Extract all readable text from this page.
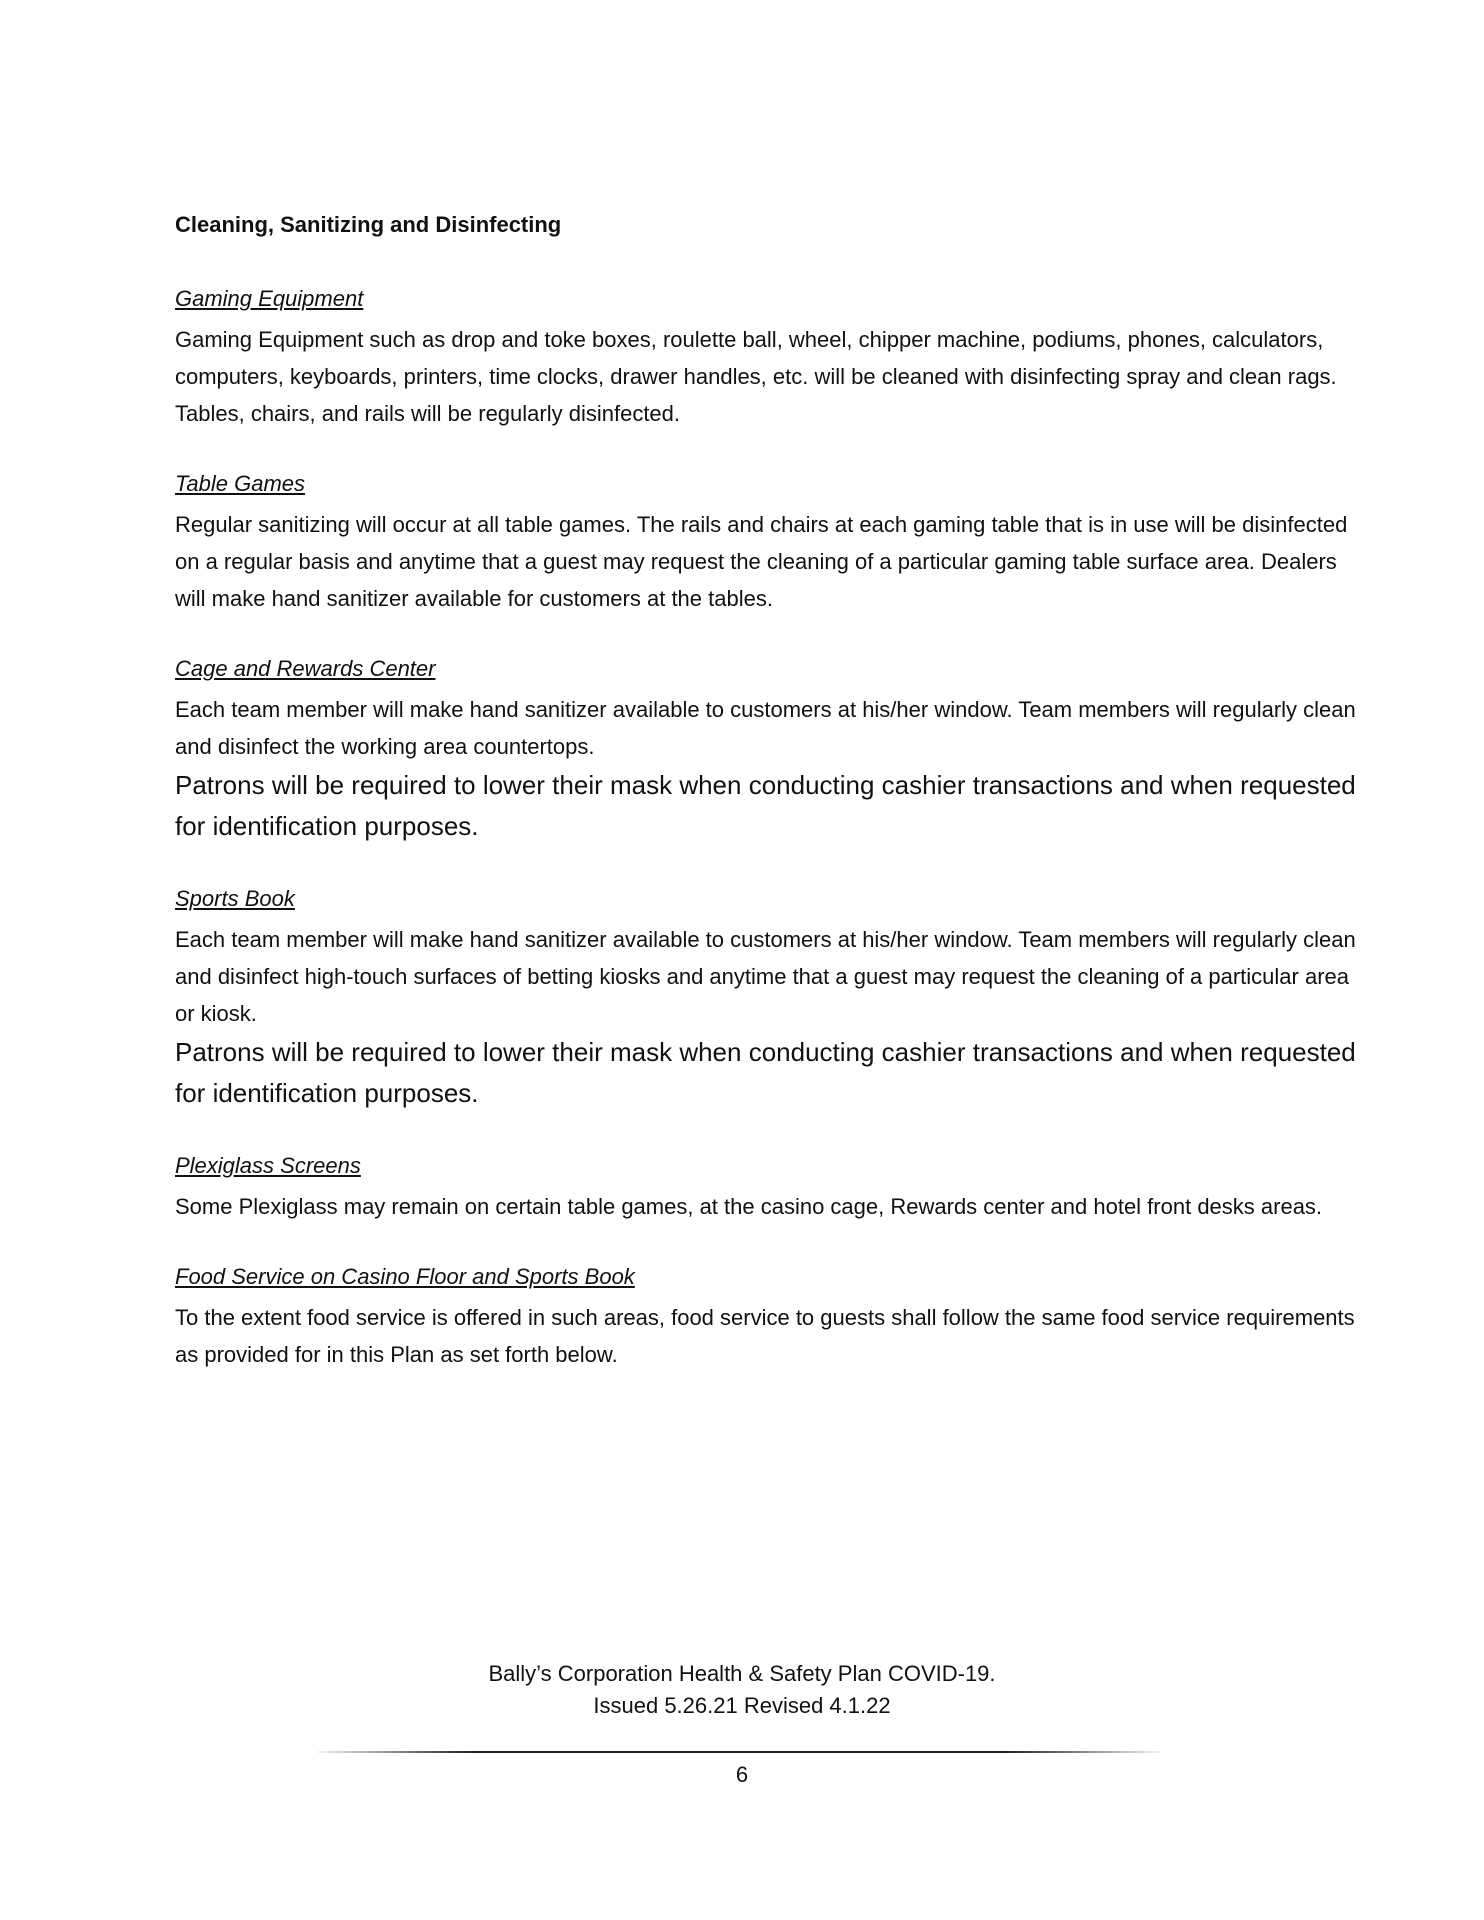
Cleaning, Sanitizing and Disinfecting

Gaming Equipment

Gaming Equipment such as drop and toke boxes, roulette ball, wheel, chipper machine, podiums, phones, calculators, computers, keyboards, printers, time clocks, drawer handles, etc. will be cleaned with disinfecting spray and clean rags. Tables, chairs, and rails will be regularly disinfected.

Table Games

Regular sanitizing will occur at all table games. The rails and chairs at each gaming table that is in use will be disinfected on a regular basis and anytime that a guest may request the cleaning of a particular gaming table surface area. Dealers will make hand sanitizer available for customers at the tables.

Cage and Rewards Center

Each team member will make hand sanitizer available to customers at his/her window. Team members will regularly clean and disinfect the working area countertops.

Patrons will be required to lower their mask when conducting cashier transactions and when requested for identification purposes.

Sports Book

Each team member will make hand sanitizer available to customers at his/her window. Team members will regularly clean and disinfect high-touch surfaces of betting kiosks and anytime that a guest may request the cleaning of a particular area or kiosk.

Patrons will be required to lower their mask when conducting cashier transactions and when requested for identification purposes.

Plexiglass Screens

Some Plexiglass may remain on certain table games, at the casino cage, Rewards center and hotel front desks areas.

Food Service on Casino Floor and Sports Book

To the extent food service is offered in such areas, food service to guests shall follow the same food service requirements as provided for in this Plan as set forth below.

Bally’s Corporation Health & Safety Plan COVID-19.
Issued 5.26.21 Revised 4.1.22
6
